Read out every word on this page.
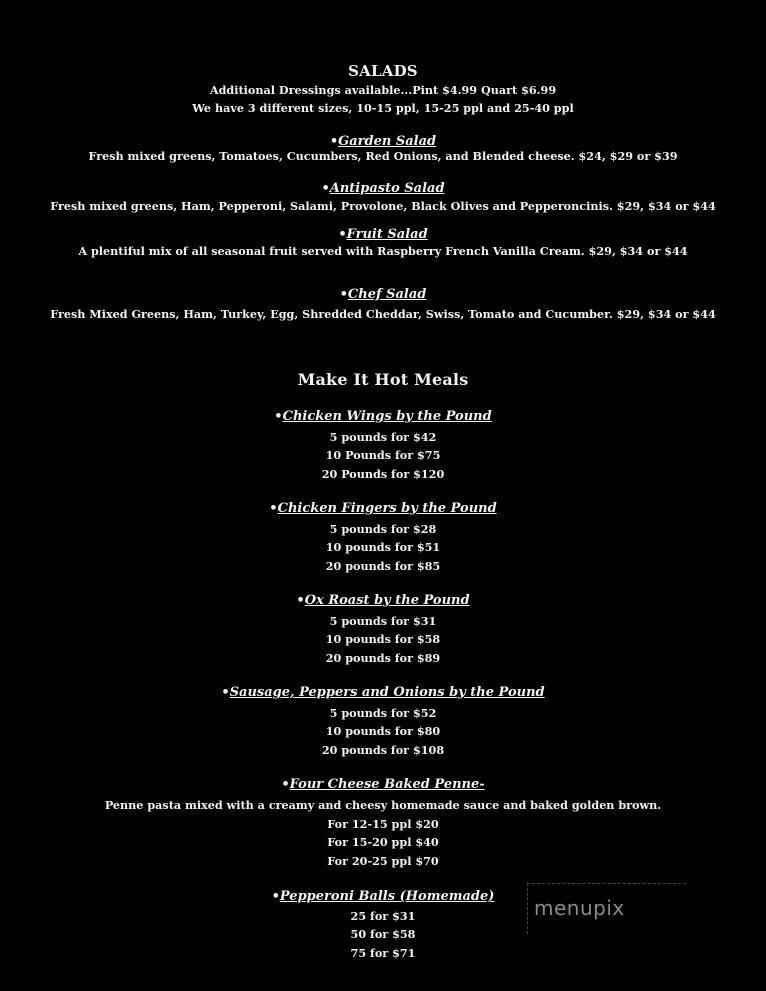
SALADS
Additional Dressings available...Pint $4.99 Quart $6.99
We have 3 different sizes, 10-15 ppl, 15-25 ppl and 25-40 ppl
•Garden Salad
Fresh mixed greens, Tomatoes, Cucumbers, Red Onions, and Blended cheese. $24, $29 or $39
•Antipasto Salad
Fresh mixed greens, Ham, Pepperoni, Salami, Provolone, Black Olives and Pepperoncinis. $29, $34 or $44
•Fruit Salad
A plentiful mix of all seasonal fruit served with Raspberry French Vanilla Cream. $29, $34 or $44
•Chef Salad
Fresh Mixed Greens, Ham, Turkey, Egg, Shredded Cheddar, Swiss, Tomato and Cucumber. $29, $34 or $44
Make It Hot Meals
•Chicken Wings by the Pound
5 pounds for $42
10 Pounds for $75
20 Pounds for $120
•Chicken Fingers by the Pound
5 pounds for $28
10 pounds for $51
20 pounds for $85
•Ox Roast by the Pound
5 pounds for $31
10 pounds for $58
20 pounds for $89
•Sausage, Peppers and Onions by the Pound
5 pounds for $52
10 pounds for $80
20 pounds for $108
•Four Cheese Baked Penne-
Penne pasta mixed with a creamy and cheesy homemade sauce and baked golden brown.
For 12-15 ppl $20
For 15-20 ppl $40
For 20-25 ppl $70
•Pepperoni Balls (Homemade)
25 for $31
50 for $58
75 for $71
menupix
